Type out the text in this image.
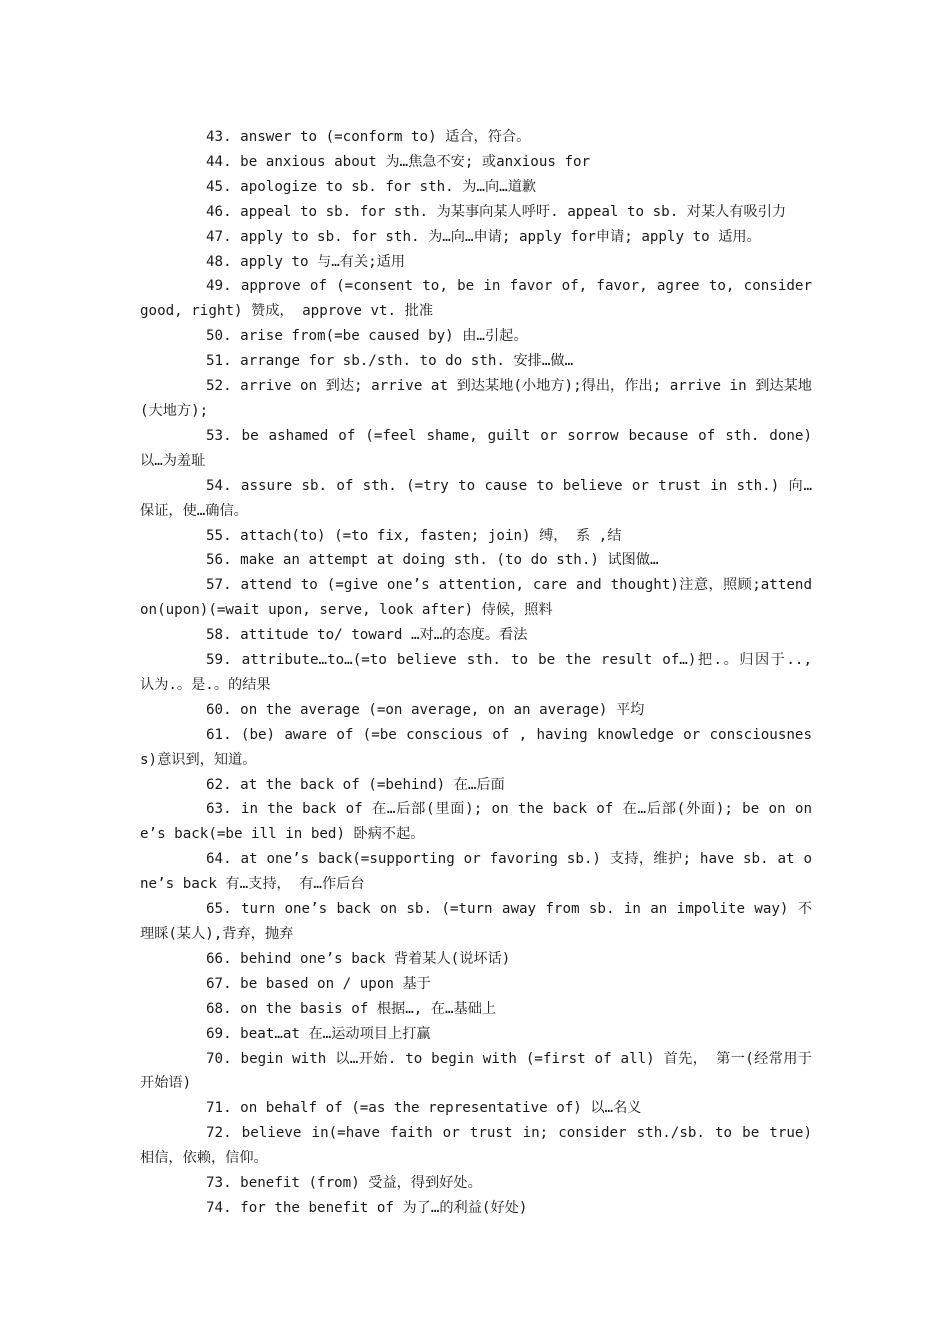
43. answer to (=conform to) 适合，符合。

44. be anxious about 为…焦急不安; 或anxious for

45. apologize to sb. for sth. 为…向…道歉

46. appeal to sb. for sth. 为某事向某人呼吁. appeal to sb. 对某人有吸引力

47. apply to sb. for sth. 为…向…申请; apply for申请; apply to 适用。

48. apply to 与…有关;适用

49. approve of (=consent to, be in favor of, favor, agree to, consider good, right) 赞成， approve vt. 批准

50. arise from(=be caused by) 由…引起。

51. arrange for sb./sth. to do sth. 安排…做…

52. arrive on 到达; arrive at 到达某地(小地方);得出，作出; arrive in 到达某地(大地方);

53. be ashamed of (=feel shame, guilt or sorrow because of sth. done) 以…为羞耻

54. assure sb. of sth. (=try to cause to believe or trust in sth.) 向…保证，使…确信。

55. attach(to) (=to fix, fasten; join) 缚， 系 ,结

56. make an attempt at doing sth. (to do sth.) 试图做…

57. attend to (=give one’s attention, care and thought)注意，照顾;attend on(upon)(=wait upon, serve, look after) 侍候，照料

58. attitude to/ toward …对…的态度。看法

59. attribute…to…(=to believe sth. to be the result of…)把.。归因于.., 认为.。是.。的结果

60. on the average (=on average, on an average) 平均

61. (be) aware of (=be conscious of , having knowledge or consciousness)意识到，知道。

62. at the back of (=behind) 在…后面

63. in the back of 在…后部(里面); on the back of 在…后部(外面); be on one’s back(=be ill in bed) 卧病不起。

64. at one’s back(=supporting or favoring sb.) 支持，维护; have sb. at one’s back 有…支持， 有…作后台

65. turn one’s back on sb. (=turn away from sb. in an impolite way) 不理睬(某人),背弃，抛弃

66. behind one’s back 背着某人(说坏话)

67. be based on / upon 基于

68. on the basis of 根据…, 在…基础上

69. beat…at 在…运动项目上打赢

70. begin with 以…开始. to begin with (=first of all) 首先， 第一(经常用于开始语)

71. on behalf of (=as the representative of) 以…名义

72. believe in(=have faith or trust in; consider sth./sb. to be true) 相信，依赖，信仰。

73. benefit (from) 受益，得到好处。

74. for the benefit of 为了…的利益(好处)
